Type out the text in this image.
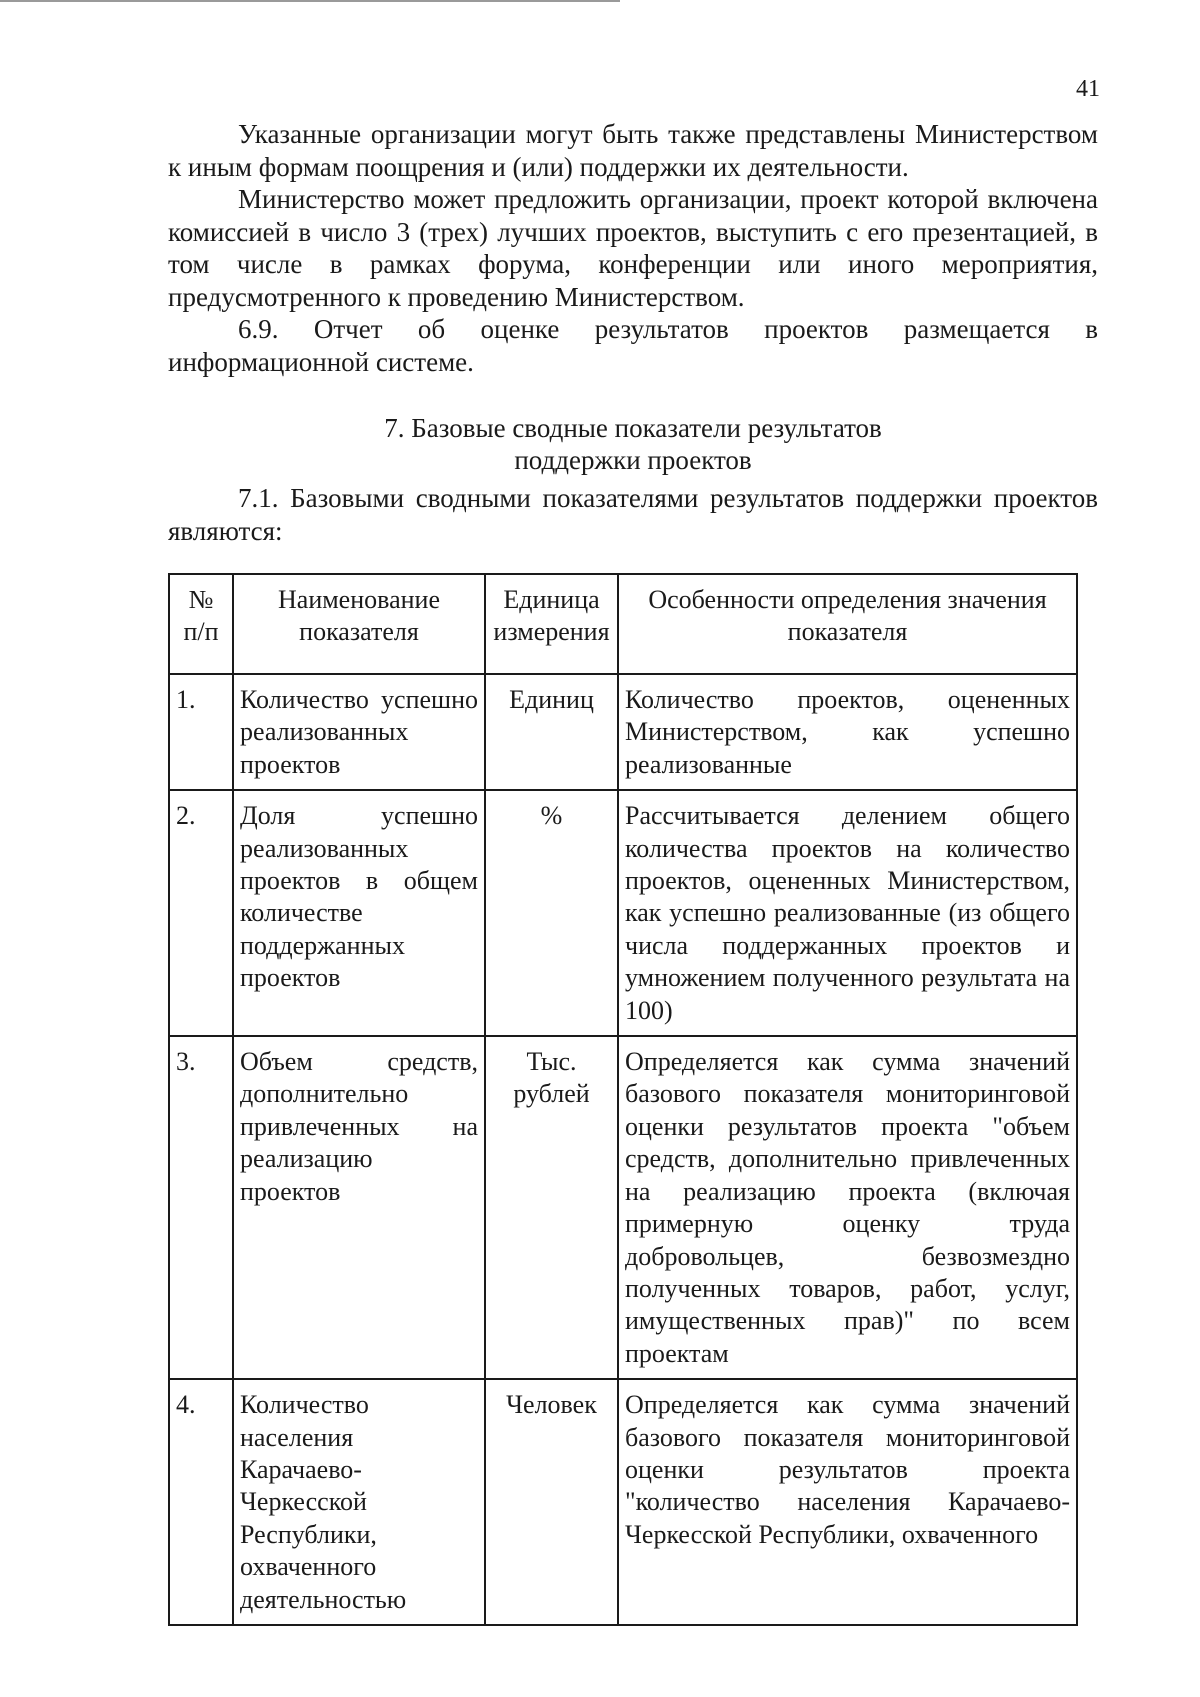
41

Указанные организации могут быть также представлены Министерством к иным формам поощрения и (или) поддержки их деятельности.

Министерство может предложить организации, проект которой включена комиссией в число 3 (трех) лучших проектов, выступить с его презентацией, в том числе в рамках форума, конференции или иного мероприятия, предусмотренного к проведению Министерством.

6.9. Отчет об оценке результатов проектов размещается в информационной системе.

7. Базовые сводные показатели результатов
поддержки проектов
7.1. Базовыми сводными показателями результатов поддержки проектов являются:
№ п/п	Наименование показателя	Единица измерения	Особенности определения значения показателя
1.	Количество успешно реализованных проектов	Единиц	Количество проектов, оцененных Министерством, как успешно реализованные
2.	Доля успешно реализованных проектов в общем количестве поддержанных проектов	%	Рассчитывается делением общего количества проектов на количество проектов, оцененных Министерством, как успешно реализованные (из общего числа поддержанных проектов и умножением полученного результата на 100)
3.	Объем средств, дополнительно привлеченных на реализацию проектов	Тыс. рублей	Определяется как сумма значений базового показателя мониторинговой оценки результатов проекта "объем средств, дополнительно привлеченных на реализацию проекта (включая примерную оценку труда добровольцев, безвозмездно полученных товаров, работ, услуг, имущественных прав)" по всем проектам
4.	Количество населения Карачаево-Черкесской Республики, охваченного деятельностью	Человек	Определяется как сумма значений базового показателя мониторинговой оценки результатов проекта "количество населения Карачаево-Черкесской Республики, охваченного
